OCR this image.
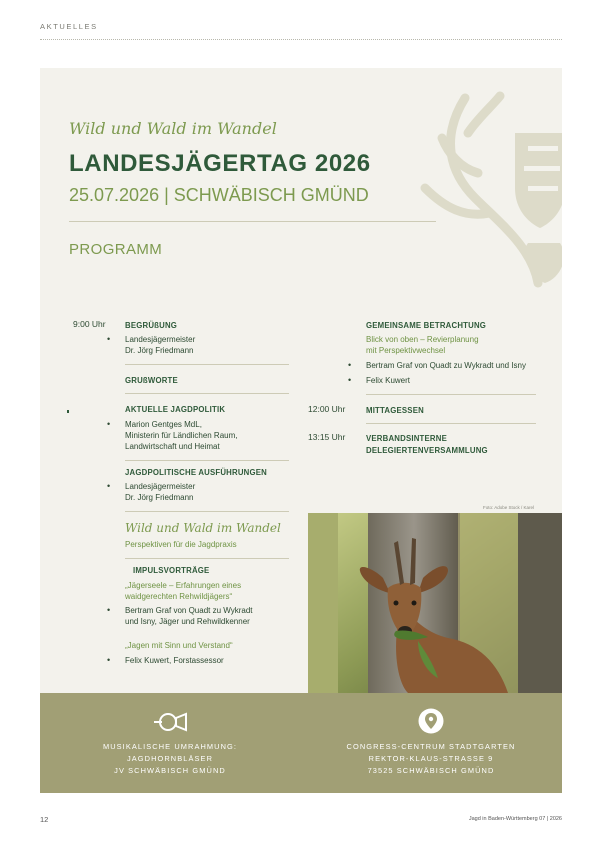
AKTUELLES
Wild und Wald im Wandel
LANDESJÄGERTAG 2026
25.07.2026 | SCHWÄBISCH GMÜND
PROGRAMM
9:00 Uhr BEGRÜßUNG
• Landesjägermeister
Dr. Jörg Friedmann
GRUßWORTE
AKTUELLE JAGDPOLITIK
• Marion Gentges MdL,
Ministerin für Ländlichen Raum,
Landwirtschaft und Heimat
JAGDPOLITISCHE AUSFÜHRUNGEN
• Landesjägermeister
Dr. Jörg Friedmann
Wild und Wald im Wandel
Perspektiven für die Jagdpraxis
IMPULSVORTRÄGE
„Jägerseele – Erfahrungen eines
waidgerechten Rehwildjägers“
• Bertram Graf von Quadt zu Wykradt
und Isny, Jäger und Rehwildkenner
„Jagen mit Sinn und Verstand“
• Felix Kuwert, Forstassessor
GEMEINSAME BETRACHTUNG
Blick von oben – Revierplanung
mit Perspektivwechsel
• Bertram Graf von Quadt zu Wykradt und Isny
• Felix Kuwert
12:00 Uhr	MITTAGESSEN
13:15 Uhr	VERBANDSINTERNE
DELEGIERTENVERSAMMLUNG
Foto: Adobe Stock / Karel
MUSIKALISCHE UMRAHMUNG:
JAGDHORNBLÄSER
JV SCHWÄBISCH GMÜND
CONGRESS-CENTRUM STADTGARTEN
REKTOR-KLAUS-STRASSE 9
73525 SCHWÄBISCH GMÜND
12	Jagd in Baden-Württemberg 07 | 2026
